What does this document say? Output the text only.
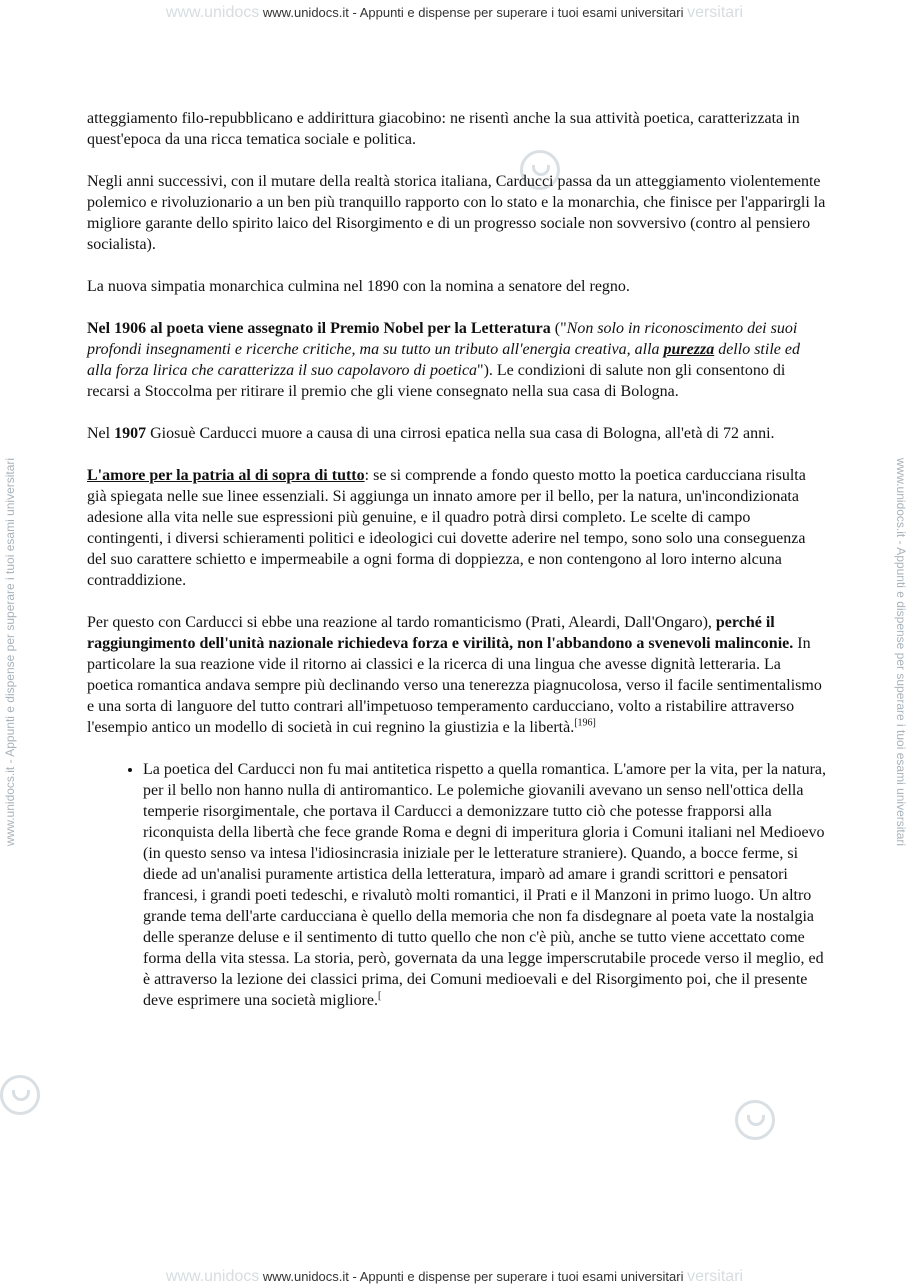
www.unidocs www.unidocs.it - Appunti e dispense per superare i tuoi esami universitari versitari
www.unidocs.it - Appunti e dispense per superare i tuoi esami universitari	www.unidocs.it - Appunti e dispense per superare i tuoi esami universitari

atteggiamento filo-repubblicano e addirittura giacobino: ne risentì anche la sua attività poetica, caratterizzata in quest'epoca da una ricca tematica sociale e politica.

Negli anni successivi, con il mutare della realtà storica italiana, Carducci passa da un atteggiamento violentemente polemico e rivoluzionario a un ben più tranquillo rapporto con lo stato e la monarchia, che finisce per l'apparirgli la migliore garante dello spirito laico del Risorgimento e di un progresso sociale non sovversivo (contro al pensiero socialista).

La nuova simpatia monarchica culmina nel 1890 con la nomina a senatore del regno.

Nel 1906 al poeta viene assegnato il Premio Nobel per la Letteratura ("Non solo in riconoscimento dei suoi profondi insegnamenti e ricerche critiche, ma su tutto un tributo all'energia creativa, alla purezza dello stile ed alla forza lirica che caratterizza il suo capolavoro di poetica"). Le condizioni di salute non gli consentono di recarsi a Stoccolma per ritirare il premio che gli viene consegnato nella sua casa di Bologna.

Nel 1907 Giosuè Carducci muore a causa di una cirrosi epatica nella sua casa di Bologna, all'età di 72 anni.

L'amore per la patria al di sopra di tutto: se si comprende a fondo questo motto la poetica carducciana risulta già spiegata nelle sue linee essenziali. Si aggiunga un innato amore per il bello, per la natura, un'incondizionata adesione alla vita nelle sue espressioni più genuine, e il quadro potrà dirsi completo. Le scelte di campo contingenti, i diversi schieramenti politici e ideologici cui dovette aderire nel tempo, sono solo una conseguenza del suo carattere schietto e impermeabile a ogni forma di doppiezza, e non contengono al loro interno alcuna contraddizione.

Per questo con Carducci si ebbe una reazione al tardo romanticismo (Prati, Aleardi, Dall'Ongaro), perché il raggiungimento dell'unità nazionale richiedeva forza e virilità, non l'abbandono a svenevoli malinconie. In particolare la sua reazione vide il ritorno ai classici e la ricerca di una lingua che avesse dignità letteraria. La poetica romantica andava sempre più declinando verso una tenerezza piagnucolosa, verso il facile sentimentalismo e una sorta di languore del tutto contrari all'impetuoso temperamento carducciano, volto a ristabilire attraverso l'esempio antico un modello di società in cui regnino la giustizia e la libertà.[196]

• La poetica del Carducci non fu mai antitetica rispetto a quella romantica. L'amore per la vita, per la natura, per il bello non hanno nulla di antiromantico. Le polemiche giovanili avevano un senso nell'ottica della temperie risorgimentale, che portava il Carducci a demonizzare tutto ciò che potesse frapporsi alla riconquista della libertà che fece grande Roma e degni di imperitura gloria i Comuni italiani nel Medioevo (in questo senso va intesa l'idiosincrasia iniziale per le letterature straniere). Quando, a bocce ferme, si diede ad un'analisi puramente artistica della letteratura, imparò ad amare i grandi scrittori e pensatori francesi, i grandi poeti tedeschi, e rivalutò molti romantici, il Prati e il Manzoni in primo luogo. Un altro grande tema dell'arte carducciana è quello della memoria che non fa disdegnare al poeta vate la nostalgia delle speranze deluse e il sentimento di tutto quello che non c'è più, anche se tutto viene accettato come forma della vita stessa. La storia, però, governata da una legge imperscrutabile procede verso il meglio, ed è attraverso la lezione dei classici prima, dei Comuni medioevali e del Risorgimento poi, che il presente deve esprimere una società migliore.[
www.unidocs www.unidocs.it - Appunti e dispense per superare i tuoi esami universitari versitari
